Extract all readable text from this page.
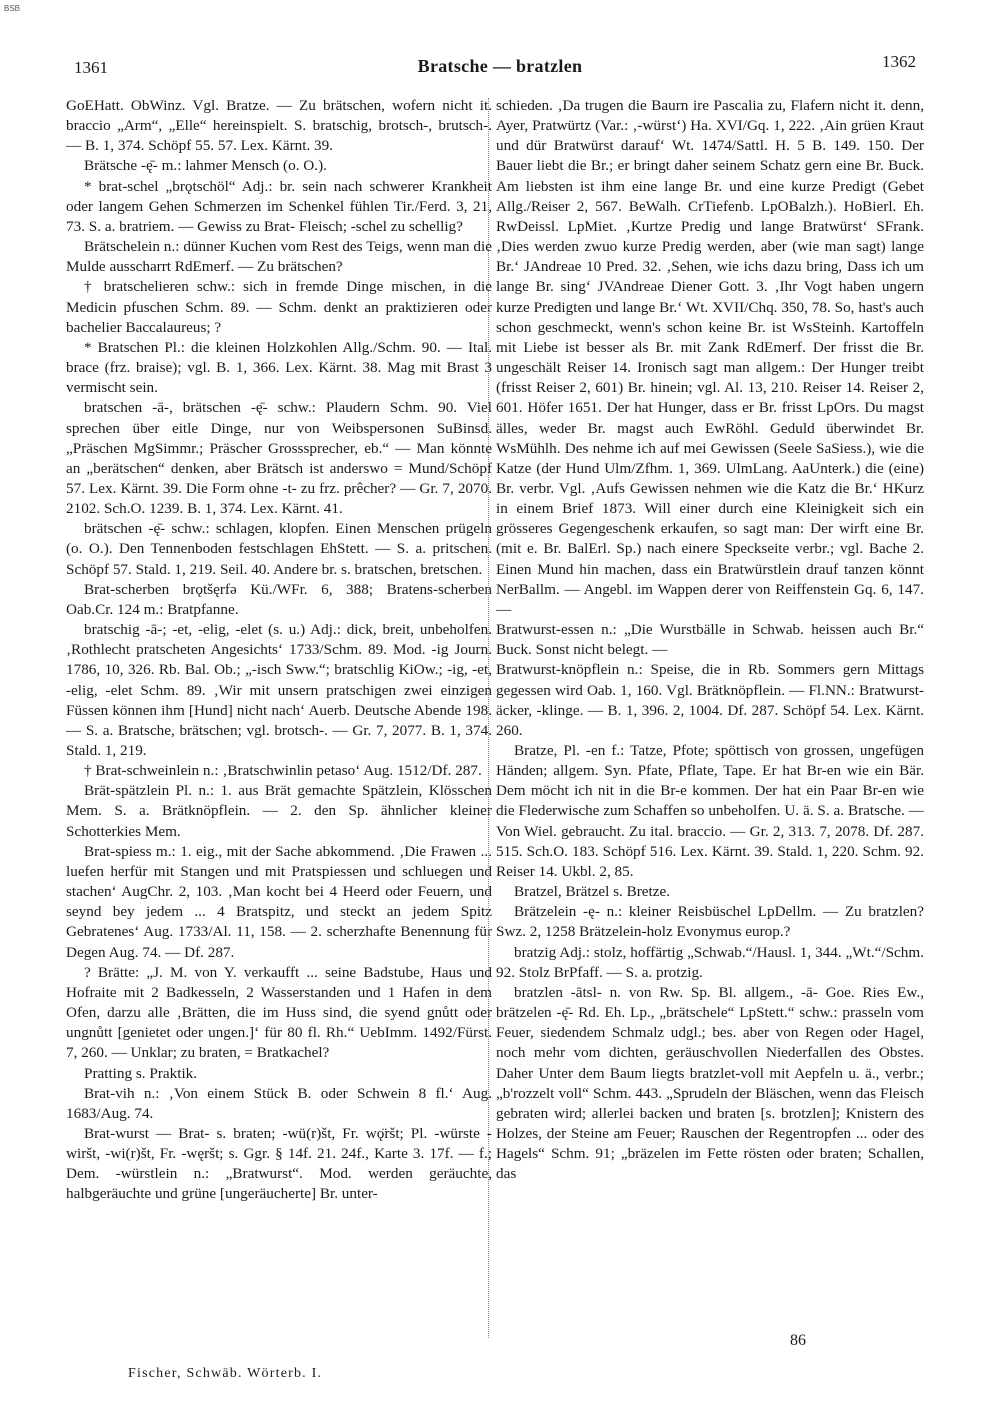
BSB
1361	Bratsche — bratzlen	1362

GoEHatt. ObWinz. Vgl. Bratze. — Zu brätschen, wofern nicht it. braccio „Arm“, „Elle“ hereinspielt. S. bratschig, brotsch-, brutsch-. — B. 1, 374. Schöpf 55. 57. Lex. Kärnt. 39.

Brätsche -ę̄- m.: lahmer Mensch (o. O.).

* brat-schel „brǫtschöl“ Adj.: br. sein nach schwerer Krankheit oder langem Gehen Schmerzen im Schenkel fühlen Tir./Ferd. 3, 21, 73. S. a. bratriem. — Gewiss zu Brat- Fleisch; -schel zu schellig?

Brätschelein n.: dünner Kuchen vom Rest des Teigs, wenn man die Mulde ausscharrt RdEmerf. — Zu brätschen?

† bratschelieren schw.: sich in fremde Dinge mischen, in die Medicin pfuschen Schm. 89. — Schm. denkt an praktizieren oder bachelier Baccalaureus; ?

* Bratschen Pl.: die kleinen Holzkohlen Allg./Schm. 90. — Ital. brace (frz. braise); vgl. B. 1, 366. Lex. Kärnt. 38. Mag mit Brast 3 vermischt sein.

bratschen -ā-, brätschen -ę̄- schw.: Plaudern Schm. 90. Viel sprechen über eitle Dinge, nur von Weibspersonen SuBinsd. „Präschen MgSimmr.; Präscher Grosssprecher, eb.“ — Man könnte an „berätschen“ denken, aber Brätsch ist anderswo = Mund/Schöpf 57. Lex. Kärnt. 39. Die Form ohne -t- zu frz. prêcher? — Gr. 7, 2070. 2102. Sch.O. 1239. B. 1, 374. Lex. Kärnt. 41.

brätschen -ę̄- schw.: schlagen, klopfen. Einen Menschen prügeln (o. O.). Den Tennenboden festschlagen EhStett. — S. a. pritschen. Schöpf 57. Stald. 1, 219. Seil. 40. Andere br. s. bratschen, bretschen.

Brat-scherben brǫtšęrfǝ Kü./WFr. 6, 388; Bratens-scherben Oab.Cr. 124 m.: Bratpfanne.

bratschig -ā-; -et, -elig, -elet (s. u.) Adj.: dick, breit, unbeholfen. ‚Rothlecht pratscheten Angesichts‘ 1733/Schm. 89. Mod. -ig Journ. 1786, 10, 326. Rb. Bal. Ob.; „-isch Sww.“; bratschlig KiOw.; -ig, -et, -elig, -elet Schm. 89. ‚Wir mit unsern pratschigen zwei einzigen Füssen können ihm [Hund] nicht nach‘ Auerb. Deutsche Abende 198. — S. a. Bratsche, brätschen; vgl. brotsch-. — Gr. 7, 2077. B. 1, 374. Stald. 1, 219.

† Brat-schweinlein n.: ‚Bratschwinlin petaso‘ Aug. 1512/Df. 287.

Brät-spätzlein Pl. n.: 1. aus Brät gemachte Spätzlein, Klösschen Mem. S. a. Brätknöpflein. — 2. den Sp. ähnlicher kleiner Schotterkies Mem.

Brat-spiess m.: 1. eig., mit der Sache abkommend. ‚Die Frawen ... luefen herfür mit Stangen und mit Pratspiessen und schluegen und stachen‘ AugChr. 2, 103. ‚Man kocht bei 4 Heerd oder Feuern, und seynd bey jedem ... 4 Bratspitz, und steckt an jedem Spitz Gebratenes‘ Aug. 1733/Al. 11, 158. — 2. scherzhafte Benennung für Degen Aug. 74. — Df. 287.

? Brätte: „J. M. von Y. verkaufft ... seine Badstube, Haus und Hofraite mit 2 Badkesseln, 2 Wasserstanden und 1 Hafen in dem Ofen, darzu alle ‚Brätten, die im Huss sind, die syend gnůtt oder ungnůtt [genietet oder ungen.]‘ für 80 fl. Rh.“ UebImm. 1492/Fürst. 7, 260. — Unklar; zu braten, = Bratkachel?

Pratting s. Praktik.

Brat-vih n.: ‚Von einem Stück B. oder Schwein 8 fl.‘ Aug. 1683/Aug. 74.

Brat-wurst — Brat- s. braten; -wü(r)št, Fr. wǫ̈ršt; Pl. -würste -wiršt, -wi(r)št, Fr. -węršt; s. Ggr. § 14f. 21. 24f., Karte 3. 17f. — f.; Dem. -würstlein n.: „Bratwurst“. Mod. werden geräuchte, halbgeräuchte und grüne [ungeräucherte] Br. unter-

schieden. ‚Da trugen die Baurn ire Pascalia zu, Flafern nicht it. denn, Ayer, Pratwürtz (Var.: ‚-würst‘) Ha. XVI/Gq. 1, 222. ‚Ain grüen Kraut und dür Bratwürst darauf‘ Wt. 1474/Sattl. H. 5 B. 149. 150. Der Bauer liebt die Br.; er bringt daher seinem Schatz gern eine Br. Buck. Am liebsten ist ihm eine lange Br. und eine kurze Predigt (Gebet Allg./Reiser 2, 567. BeWalh. CrTiefenb. LpOBalzh.). HoBierl. Eh. RwDeissl. LpMiet. ‚Kurtze Predig und lange Bratwürst‘ SFrank. ‚Dies werden zwuo kurze Predig werden, aber (wie man sagt) lange Br.‘ JAndreae 10 Pred. 32. ‚Sehen, wie ichs dazu bring, Dass ich um lange Br. sing‘ JVAndreae Diener Gott. 3. ‚Ihr Vogt haben ungern kurze Predigten und lange Br.‘ Wt. XVII/Chq. 350, 78. So, hast's auch schon geschmeckt, wenn's schon keine Br. ist WsSteinh. Kartoffeln mit Liebe ist besser als Br. mit Zank RdEmerf. Der frisst die Br. ungeschält Reiser 14. Ironisch sagt man allgem.: Der Hunger treibt (frisst Reiser 2, 601) Br. hinein; vgl. Al. 13, 210. Reiser 14. Reiser 2, 601. Höfer 1651. Der hat Hunger, dass er Br. frisst LpOrs. Du magst älles, weder Br. magst auch EwRöhl. Geduld überwindet Br. WsMühlh. Des nehme ich auf mei Gewissen (Seele SaSiess.), wie die Katze (der Hund Ulm/Zfhm. 1, 369. UlmLang. AaUnterk.) die (eine) Br. verbr. Vgl. ‚Aufs Gewissen nehmen wie die Katz die Br.‘ HKurz in einem Brief 1873. Will einer durch eine Kleinigkeit sich ein grösseres Gegengeschenk erkaufen, so sagt man: Der wirft eine Br. (mit e. Br. BalErl. Sp.) nach einere Speckseite verbr.; vgl. Bache 2. Einen Mund hin machen, dass ein Bratwürstlein drauf tanzen könnt NerBallm. — Angebl. im Wappen derer von Reiffenstein Gq. 6, 147. —

Bratwurst-essen n.: „Die Wurstbälle in Schwab. heissen auch Br.“ Buck. Sonst nicht belegt. —

Bratwurst-knöpflein n.: Speise, die in Rb. Sommers gern Mittags gegessen wird Oab. 1, 160. Vgl. Brätknöpflein. — Fl.NN.: Bratwurst-äcker, -klinge. — B. 1, 396. 2, 1004. Df. 287. Schöpf 54. Lex. Kärnt. 260.

Bratze, Pl. -en f.: Tatze, Pfote; spöttisch von grossen, ungefügen Händen; allgem. Syn. Pfate, Pflate, Tape. Er hat Br-en wie ein Bär. Dem möcht ich nit in die Br-e kommen. Der hat ein Paar Br-en wie die Flederwische zum Schaffen so unbeholfen. U. ä. S. a. Bratsche. — Von Wiel. gebraucht. Zu ital. braccio. — Gr. 2, 313. 7, 2078. Df. 287. 515. Sch.O. 183. Schöpf 516. Lex. Kärnt. 39. Stald. 1, 220. Schm. 92. Reiser 14. Ukbl. 2, 85.

Bratzel, Brätzel s. Bretze.

Brätzelein -ę- n.: kleiner Reisbüschel LpDellm. — Zu bratzlen? Swz. 2, 1258 Brätzelein-holz Evonymus europ.?

bratzig Adj.: stolz, hoffärtig „Schwab.“/Hausl. 1, 344. „Wt.“/Schm. 92. Stolz BrPfaff. — S. a. protzig.

bratzlen -ātsl- n. von Rw. Sp. Bl. allgem., -ā- Goe. Ries Ew., brätzelen -ę̄- Rd. Eh. Lp., „brätschele“ LpStett.“ schw.: prasseln vom Feuer, siedendem Schmalz udgl.; bes. aber von Regen oder Hagel, noch mehr vom dichten, geräuschvollen Niederfallen des Obstes. Daher Unter dem Baum liegts bratzlet-voll mit Aepfeln u. ä., verbr.; „b'rozzelt voll“ Schm. 443. „Sprudeln der Bläschen, wenn das Fleisch gebraten wird; allerlei backen und braten [s. brotzlen]; Knistern des Holzes, der Steine am Feuer; Rauschen der Regentropfen ... oder des Hagels“ Schm. 91; „bräzelen im Fette rösten oder braten; Schallen, das

Fischer, Schwäb. Wörterb. I.
86
